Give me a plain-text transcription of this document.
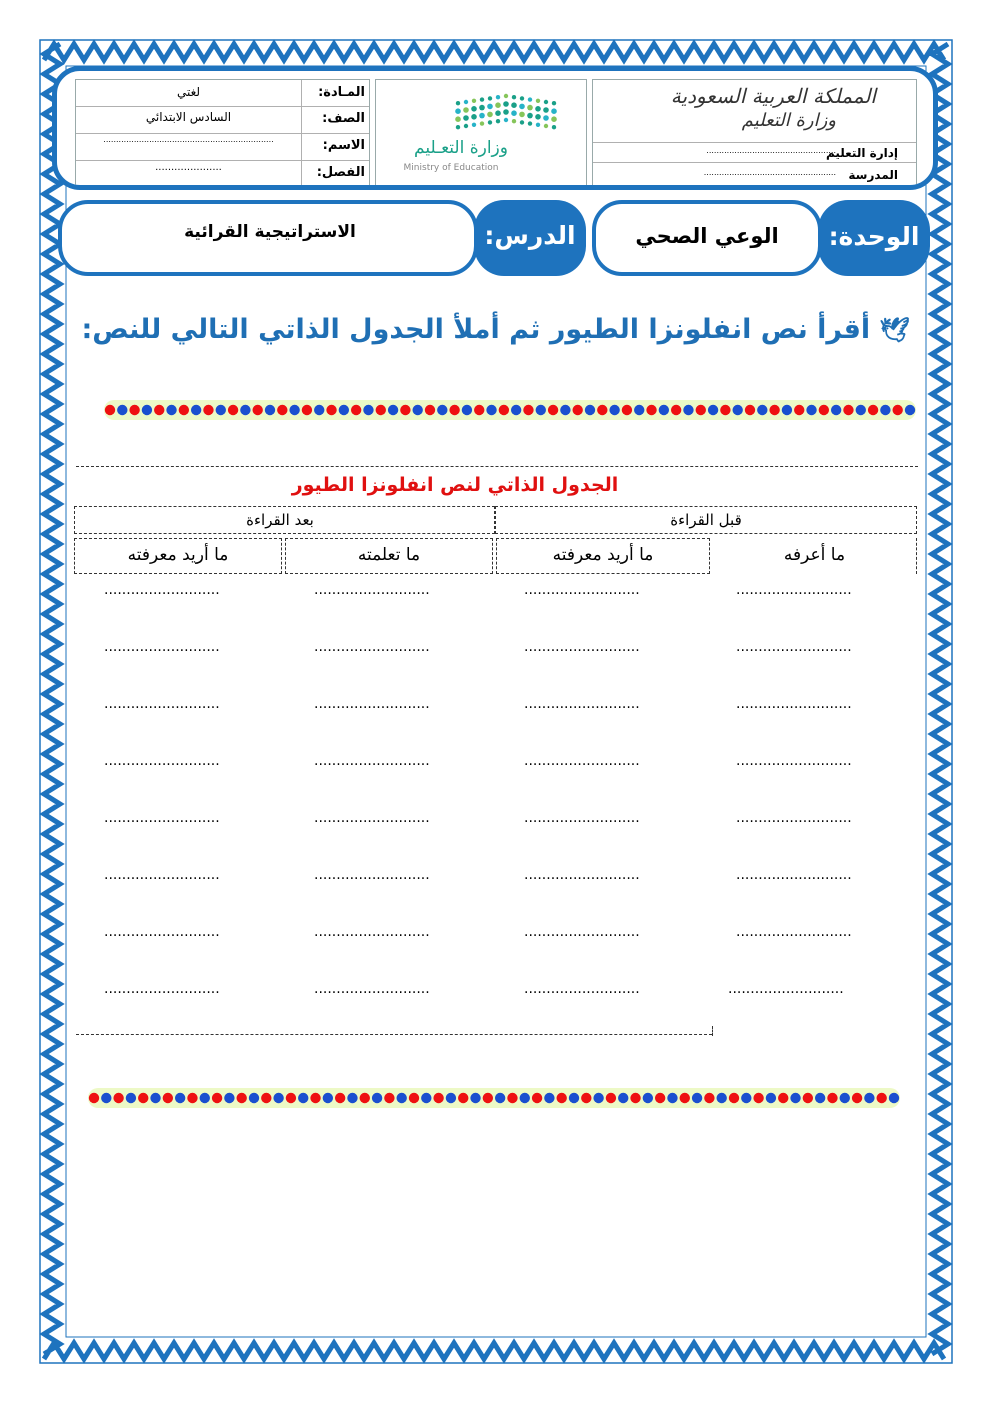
المـادة:
لغتي
الصف:
السادس الابتدائي
الاسم:
...................................................................
الفصل:
.....................
وزارة التعـليم
Ministry of Education
المملكة العربية السعودية
وزارة التعليم
إدارة التعليم
...................................................
المدرسة
....................................................
الاستراتيجية القرائية	الدرس:	الوعي الصحي	الوحدة:
🕊 أقرأ نص انفلونزا الطيور ثم أملأ الجدول الذاتي التالي للنص:
الجدول الذاتي لنص انفلونزا الطيور
بعد القراءة	قبل القراءة
ما أريد معرفته	ما تعلمته	ما أريد معرفته	ما أعرفه
..........................	..........................	..........................	..........................
..........................	..........................	..........................	..........................
..........................	..........................	..........................	..........................
..........................	..........................	..........................	..........................
..........................	..........................	..........................	..........................
..........................	..........................	..........................	..........................
..........................	..........................	..........................	..........................
..........................	..........................	..........................	..........................
